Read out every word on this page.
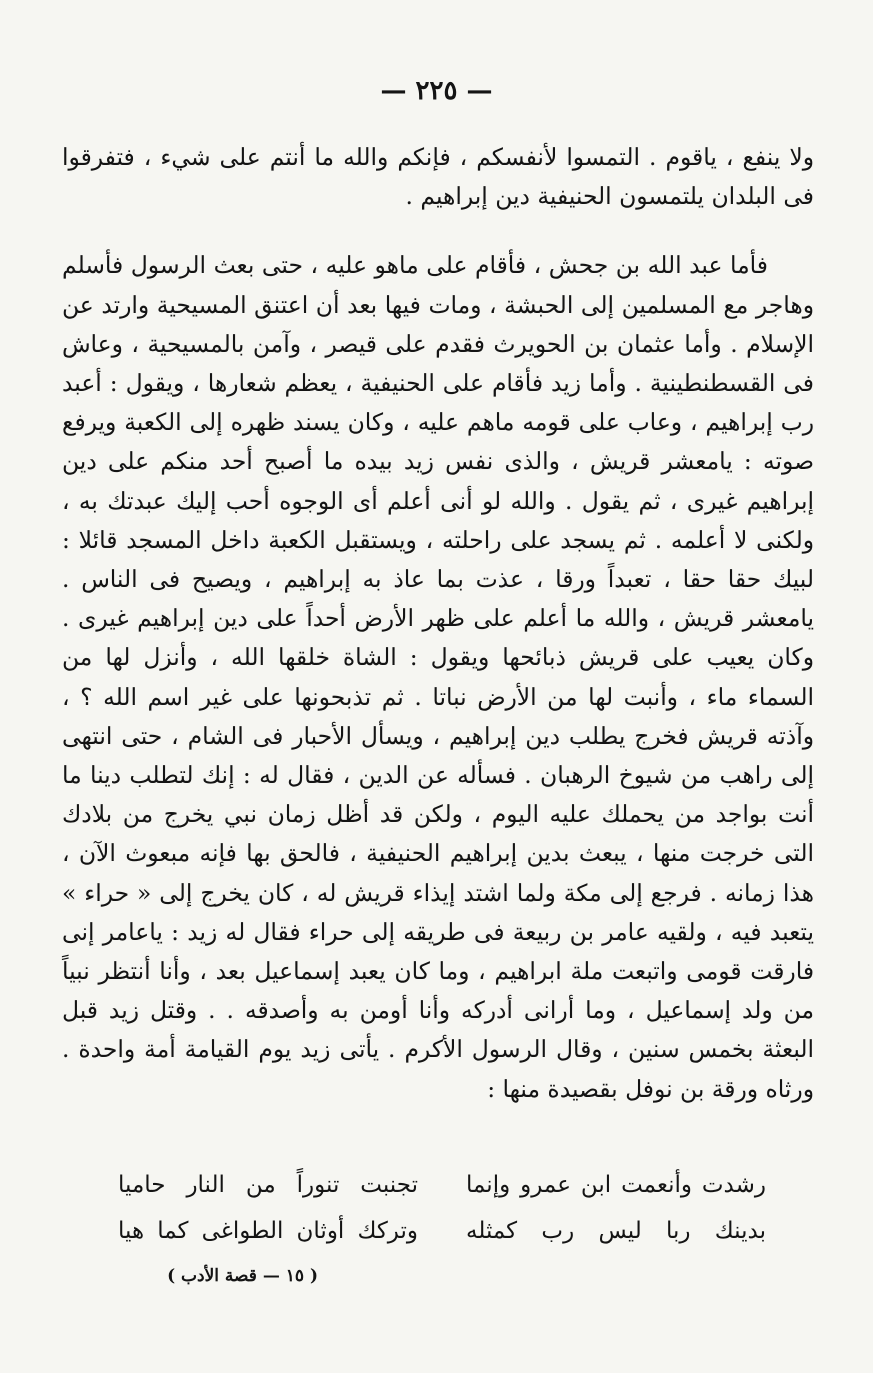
— ٢٢٥ —

ولا ينفع ، ياقوم . التمسوا لأنفسكم ، فإنكم والله ما أنتم على شيء ، فتفرقوا فى البلدان يلتمسون الحنيفية دين إبراهيم .

فأما عبد الله بن جحش ، فأقام على ماهو عليه ، حتى بعث الرسول فأسلم وهاجر مع المسلمين إلى الحبشة ، ومات فيها بعد أن اعتنق المسيحية وارتد عن الإسلام . وأما عثمان بن الحويرث فقدم على قيصر ، وآمن بالمسيحية ، وعاش فى القسطنطينية . وأما زيد فأقام على الحنيفية ، يعظم شعارها ، ويقول : أعبد رب إبراهيم ، وعاب على قومه ماهم عليه ، وكان يسند ظهره إلى الكعبة ويرفع صوته : يامعشر قريش ، والذى نفس زيد بيده ما أصبح أحد منكم على دين إبراهيم غيرى ، ثم يقول . والله لو أنى أعلم أى الوجوه أحب إليك عبدتك به ، ولكنى لا أعلمه . ثم يسجد على راحلته ، ويستقبل الكعبة داخل المسجد قائلا : لبيك حقا حقا ، تعبداً ورقا ، عذت بما عاذ به إبراهيم ، ويصيح فى الناس . يامعشر قريش ، والله ما أعلم على ظهر الأرض أحداً على دين إبراهيم غيرى . وكان يعيب على قريش ذبائحها ويقول : الشاة خلقها الله ، وأنزل لها من السماء ماء ، وأنبت لها من الأرض نباتا . ثم تذبحونها على غير اسم الله ؟ ، وآذته قريش فخرج يطلب دين إبراهيم ، ويسأل الأحبار فى الشام ، حتى انتهى إلى راهب من شيوخ الرهبان . فسأله عن الدين ، فقال له : إنك لتطلب دينا ما أنت بواجد من يحملك عليه اليوم ، ولكن قد أظل زمان نبي يخرج من بلادك التى خرجت منها ، يبعث بدين إبراهيم الحنيفية ، فالحق بها فإنه مبعوث الآن ، هذا زمانه . فرجع إلى مكة ولما اشتد إيذاء قريش له ، كان يخرج إلى « حراء » يتعبد فيه ، ولقيه عامر بن ربيعة فى طريقه إلى حراء فقال له زيد : ياعامر إنى فارقت قومى واتبعت ملة ابراهيم ، وما كان يعبد إسماعيل بعد ، وأنا أنتظر نبياً من ولد إسماعيل ، وما أرانى أدركه وأنا أومن به وأصدقه . . وقتل زيد قبل البعثة بخمس سنين ، وقال الرسول الأكرم . يأتى زيد يوم القيامة أمة واحدة . ورثاه ورقة بن نوفل بقصيدة منها :

رشدت وأنعمت ابن عمرو وإنما
تجنبت تنوراً من النار حاميا
بدينك ربا ليس رب كمثله
وتركك أوثان الطواغى كما هيا
( ١٥ — قصة الأدب )
